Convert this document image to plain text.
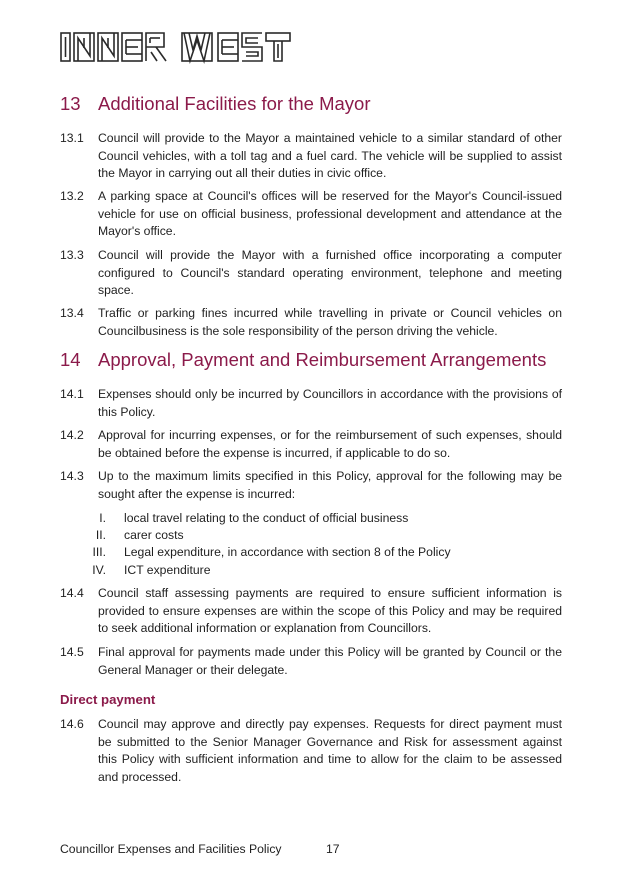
13 Additional Facilities for the Mayor
13.1 Council will provide to the Mayor a maintained vehicle to a similar standard of other Council vehicles, with a toll tag and a fuel card. The vehicle will be supplied to assist the Mayor in carrying out all their duties in civic office.
13.2 A parking space at Council's offices will be reserved for the Mayor's Council-issued vehicle for use on official business, professional development and attendance at the Mayor's office.
13.3 Council will provide the Mayor with a furnished office incorporating a computer configured to Council's standard operating environment, telephone and meeting space.
13.4 Traffic or parking fines incurred while travelling in private or Council vehicles on Councilbusiness is the sole responsibility of the person driving the vehicle.
14 Approval, Payment and Reimbursement Arrangements
14.1 Expenses should only be incurred by Councillors in accordance with the provisions of this Policy.
14.2 Approval for incurring expenses, or for the reimbursement of such expenses, should be obtained before the expense is incurred, if applicable to do so.
14.3 Up to the maximum limits specified in this Policy, approval for the following may be sought after the expense is incurred:
I. local travel relating to the conduct of official business
II. carer costs
III. Legal expenditure, in accordance with section 8 of the Policy
IV. ICT expenditure
14.4 Council staff assessing payments are required to ensure sufficient information is provided to ensure expenses are within the scope of this Policy and may be required to seek additional information or explanation from Councillors.
14.5 Final approval for payments made under this Policy will be granted by Council or the General Manager or their delegate.
Direct payment
14.6 Council may approve and directly pay expenses. Requests for direct payment must be submitted to the Senior Manager Governance and Risk for assessment against this Policy with sufficient information and time to allow for the claim to be assessed and processed.
Councillor Expenses and Facilities Policy	17
